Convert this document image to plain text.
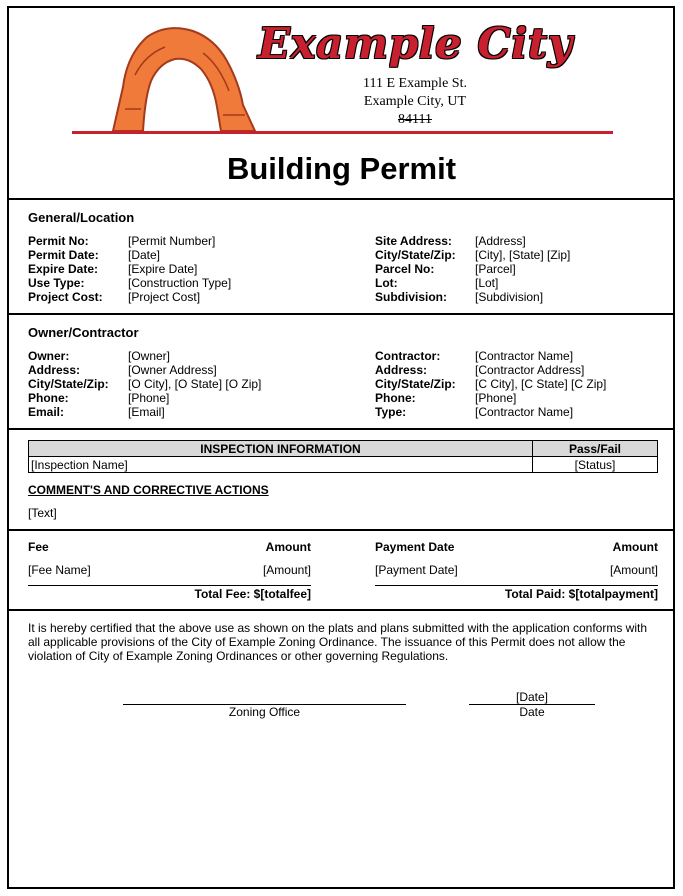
Example City
111 E Example St.
Example City, UT
84111
Building Permit
General/Location
Permit No:	[Permit Number]
Permit Date: [Date]
Expire Date: [Expire Date]
Use Type:	[Construction Type]
Project Cost: [Project Cost]
Site Address: [Address]
City/State/Zip: [City], [State] [Zip]
Parcel No:	[Parcel]
Lot:	[Lot]
Subdivision: [Subdivision]
Owner/Contractor
Owner:	[Owner]
Address:	[Owner Address]
City/State/Zip: [O City], [O State] [O Zip]
Phone:	[Phone]
Email:	[Email]
Contractor:	[Contractor Name]
Address:	[Contractor Address]
City/State/Zip: [C City], [C State] [C Zip]
Phone:	[Phone]
Type:	[Contractor Name]
INSPECTION INFORMATION	Pass/Fail
[Inspection Name]	[Status]
COMMENT'S AND CORRECTIVE ACTIONS
[Text]
Fee	Amount
[Fee Name]	[Amount]
Total Fee: $[totalfee]
Payment Date	Amount
[Payment Date]	[Amount]
Total Paid: $[totalpayment]
It is hereby certified that the above use as shown on the plats and plans submitted with the application conforms with all applicable provisions of the City of Example Zoning Ordinance. The issuance of this Permit does not allow the violation of City of Example Zoning Ordinances or other governing Regulations.
Zoning Office
[Date]
Date
